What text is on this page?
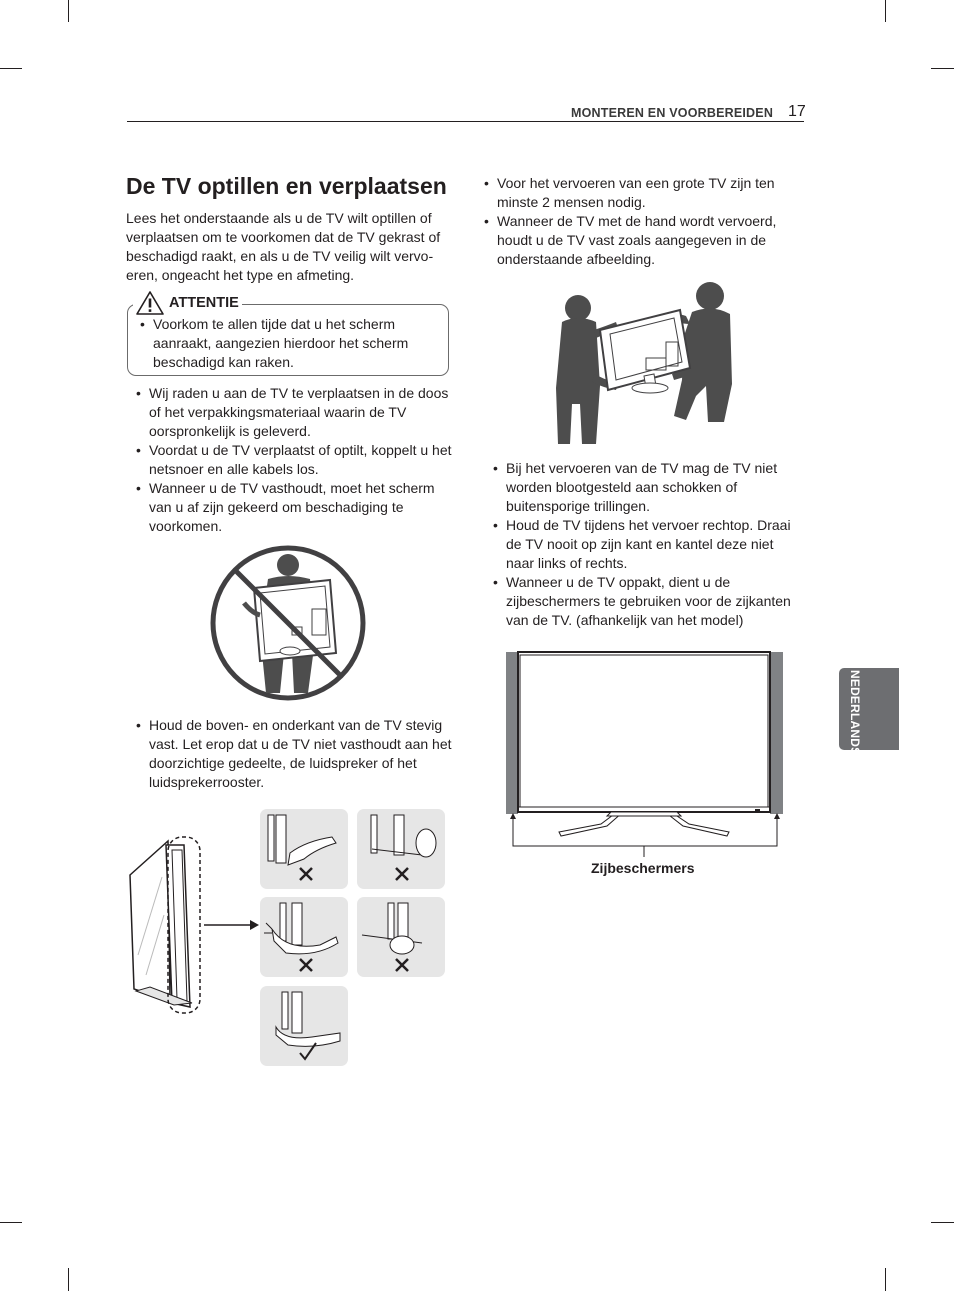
MONTEREN EN VOORBEREIDEN 17
De TV optillen en verplaatsen

Lees het onderstaande als u de TV wilt optillen of verplaatsen om te voorkomen dat de TV gekrast of beschadigd raakt, en als u de TV veilig wilt vervo- eren, ongeacht het type en afmeting.

ATTENTIE
• Voorkom te allen tijde dat u het scherm aanraakt, aangezien hierdoor het scherm beschadigd kan raken.
• Wij raden u aan de TV te verplaatsen in de doos of het verpakkingsmateriaal waarin de TV oorspronkelijk is geleverd.
• Voordat u de TV verplaatst of optilt, koppelt u het netsnoer en alle kabels los.
• Wanneer u de TV vasthoudt, moet het scherm van u af zijn gekeerd om beschadiging te voorkomen.
• Houd de boven- en onderkant van de TV stevig vast. Let erop dat u de TV niet vasthoudt aan het doorzichtige gedeelte, de luidspreker of het luidsprekerrooster.
• Voor het vervoeren van een grote TV zijn ten minste 2 mensen nodig.
• Wanneer de TV met de hand wordt vervoerd, houdt u de TV vast zoals aangegeven in de onderstaande afbeelding.
• Bij het vervoeren van de TV mag de TV niet worden blootgesteld aan schokken of buitensporige trillingen.
• Houd de TV tijdens het vervoer rechtop. Draai de TV nooit op zijn kant en kantel deze niet naar links of rechts.
• Wanneer u de TV oppakt, dient u de zijbeschermers te gebruiken voor de zijkanten van de TV. (afhankelijk van het model)
Zijbeschermers
NEDERLANDS
